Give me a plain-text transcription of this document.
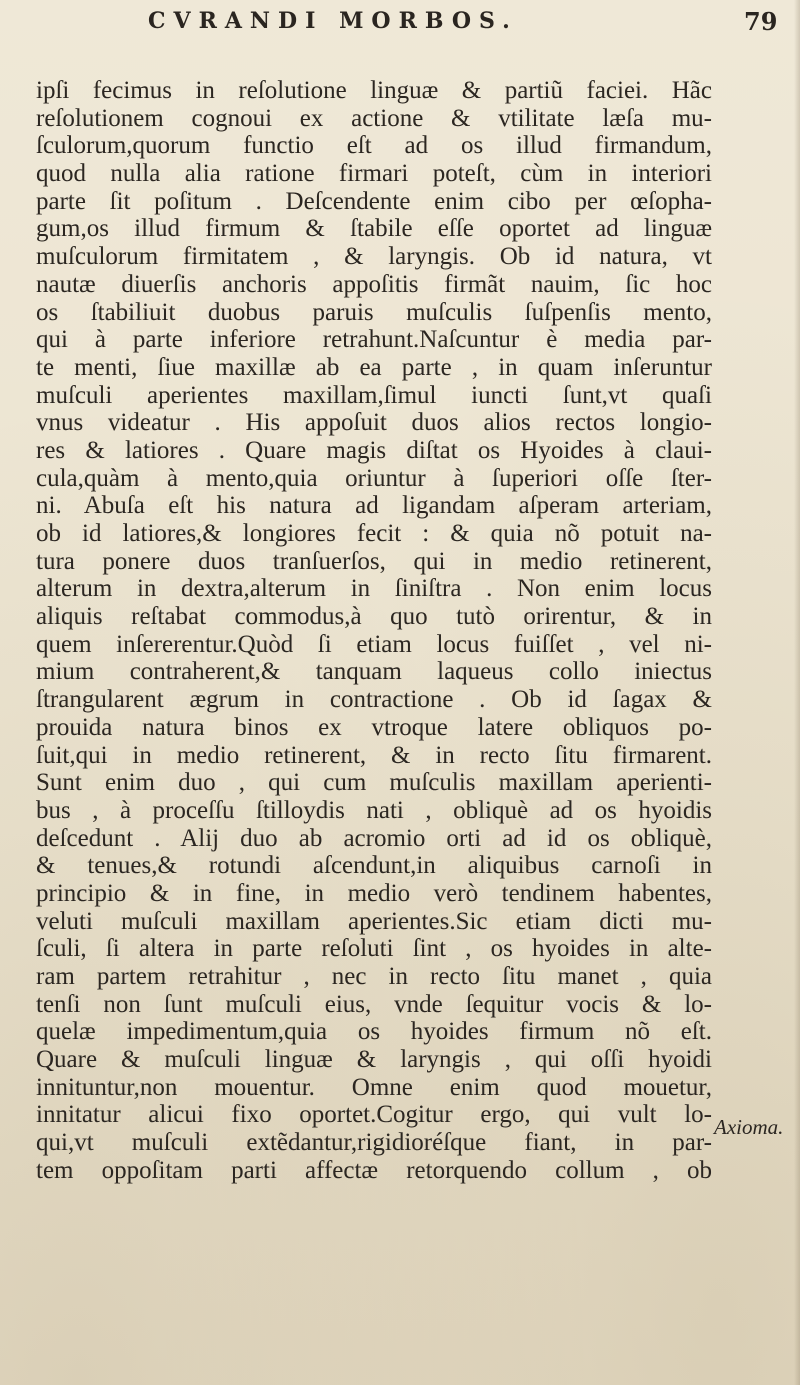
CVRANDI MORBOS.	79
ipſi fecimus in reſolutione linguæ & partiũ faciei. Hãc
reſolutionem cognoui ex actione & vtilitate læſa mu-
ſculorum,quorum functio eſt ad os illud firmandum,
quod nulla alia ratione firmari poteſt, cùm in interiori
parte ſit poſitum . Deſcendente enim cibo per œſopha-
gum,os illud firmum & ſtabile eſſe oportet ad linguæ
muſculorum firmitatem , & laryngis. Ob id natura, vt
nautæ diuerſis anchoris appoſitis firmãt nauim, ſic hoc
os ſtabiliuit duobus paruis muſculis ſuſpenſis mento,
qui à parte inferiore retrahunt.Naſcuntur è media par-
te menti, ſiue maxillæ ab ea parte , in quam inſeruntur
muſculi aperientes maxillam,ſimul iuncti ſunt,vt quaſi
vnus videatur . His appoſuit duos alios rectos longio-
res & latiores . Quare magis diſtat os Hyoides à claui-
cula,quàm à mento,quia oriuntur à ſuperiori oſſe ſter-
ni. Abuſa eſt his natura ad ligandam aſperam arteriam,
ob id latiores,& longiores fecit : & quia nõ potuit na-
tura ponere duos tranſuerſos, qui in medio retinerent,
alterum in dextra,alterum in ſiniſtra . Non enim locus
aliquis reſtabat commodus,à quo tutò orirentur, & in
quem inſererentur.Quòd ſi etiam locus fuiſſet , vel ni-
mium contraherent,& tanquam laqueus collo iniectus
ſtrangularent ægrum in contractione . Ob id ſagax &
prouida natura binos ex vtroque latere obliquos po-
ſuit,qui in medio retinerent, & in recto ſitu firmarent.
Sunt enim duo , qui cum muſculis maxillam aperienti-
bus , à proceſſu ſtilloydis nati , obliquè ad os hyoidis
deſcedunt . Alij duo ab acromio orti ad id os obliquè,
& tenues,& rotundi aſcendunt,in aliquibus carnoſi in
principio & in fine, in medio verò tendinem habentes,
veluti muſculi maxillam aperientes.Sic etiam dicti mu-
ſculi, ſi altera in parte reſoluti ſint , os hyoides in alte-
ram partem retrahitur , nec in recto ſitu manet , quia
tenſi non ſunt muſculi eius, vnde ſequitur vocis & lo-
quelæ impedimentum,quia os hyoides firmum nõ eſt.
Quare & muſculi linguæ & laryngis , qui oſſi hyoidi
innituntur,non mouentur. Omne enim quod mouetur,
innitatur alicui fixo oportet.Cogitur ergo, qui vult lo-
qui,vt muſculi extẽdantur,rigidioréſque fiant, in par-
tem oppoſitam parti affectæ retorquendo collum , ob
Axioma.
